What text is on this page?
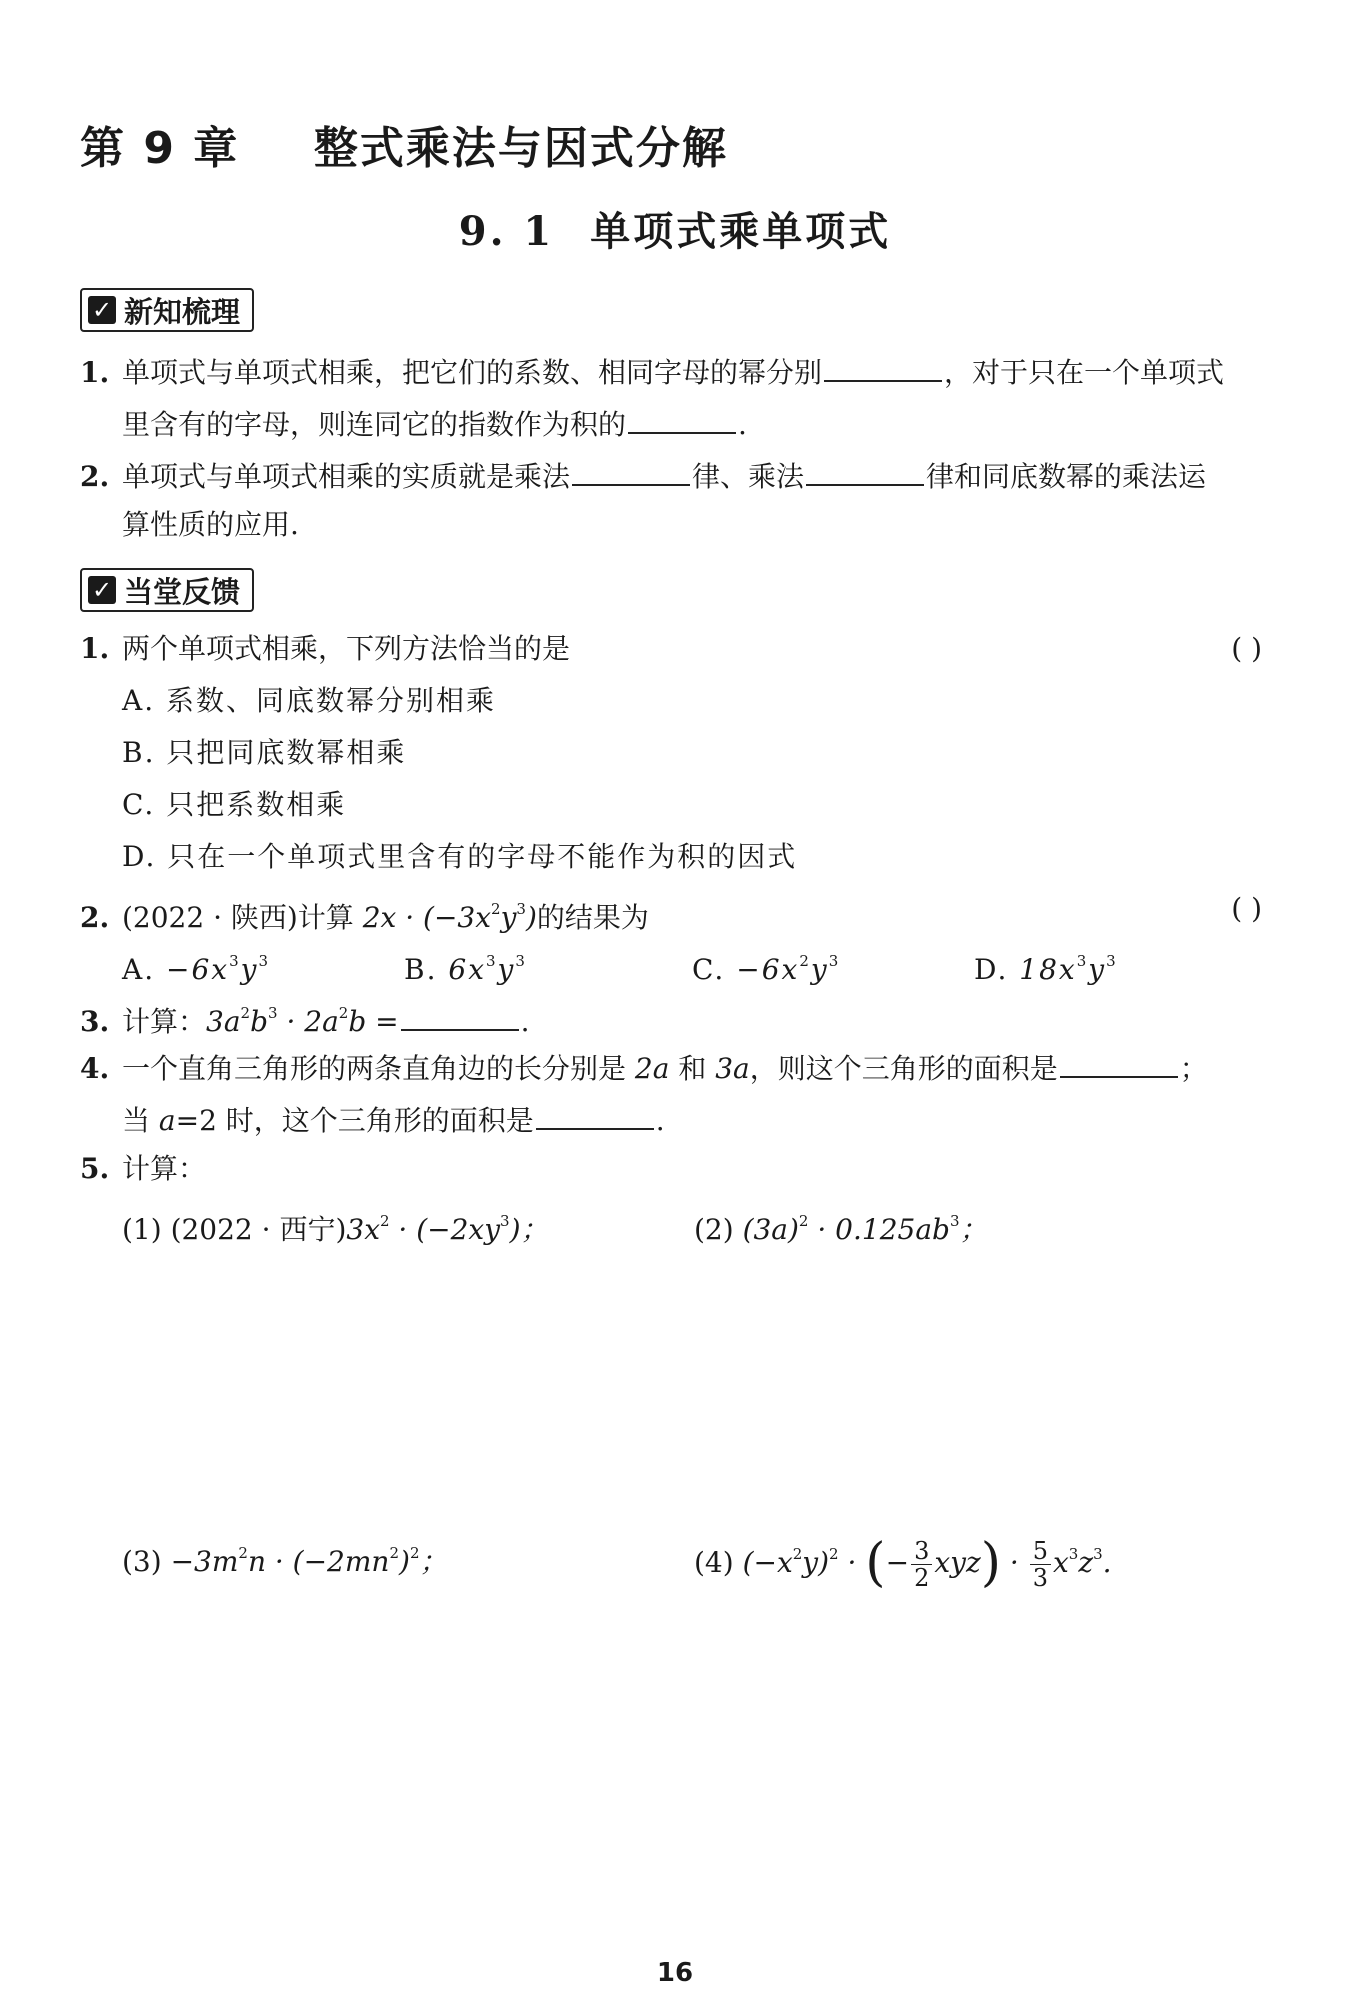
第 9 章 整式乘法与因式分解
9. 1 单项式乘单项式
✓ 新知梳理
1. 单项式与单项式相乘，把它们的系数、相同字母的幂分别	，对于只在一个单项式
里含有的字母，则连同它的指数作为积的	.
2. 单项式与单项式相乘的实质就是乘法	律、乘法	律和同底数幂的乘法运
算性质的应用.
✓ 当堂反馈
1. 两个单项式相乘，下列方法恰当的是	( )
A. 系数、同底数幂分别相乘
B. 只把同底数幂相乘
C. 只把系数相乘
D. 只在一个单项式里含有的字母不能作为积的因式
2. (2022 · 陕西)计算 $2x \cdot (-3x^2y^3)$的结果为	( )
A. $-6x^3y^3$	B. $6x^3y^3$	C. $-6x^2y^3$	D. $18x^3y^3$
3. 计算：$3a^2b^3 \cdot 2a^2b$ =	.
4. 一个直角三角形的两条直角边的长分别是 2a 和 3a，则这个三角形的面积是	；
当 a=2 时，这个三角形的面积是	.
5. 计算：
(1) (2022 · 西宁)$3x^2 \cdot (-2xy^3)$；	(2) $(3a)^2 \cdot 0.125ab^3$；
$(3) -3m^2n \cdot (-2mn^2)^2$；	(4) $(-x^2y)^2$ · (− $\frac{3}{2} xyz) \cdot \frac{5}{3} x^3z^3$.
16
